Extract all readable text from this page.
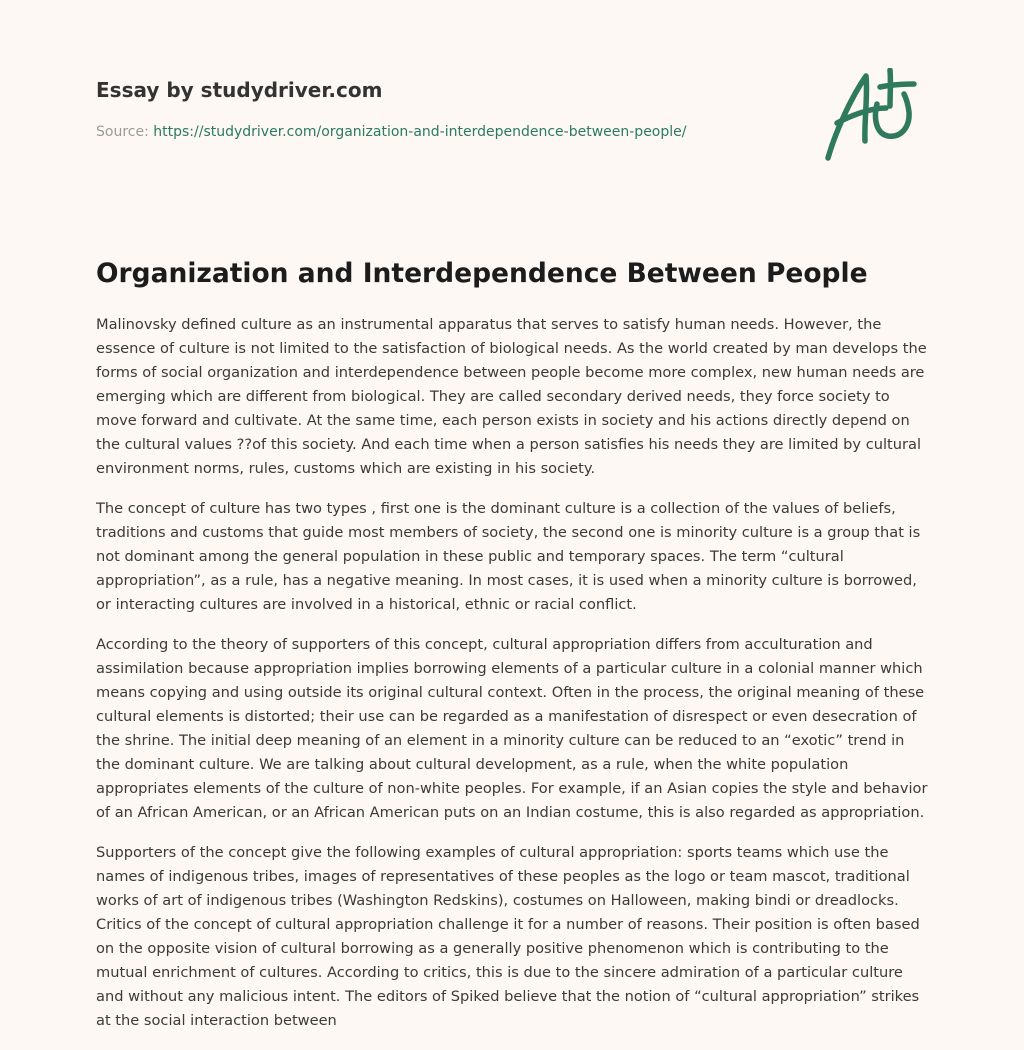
Essay by studydriver.com
Source: https://studydriver.com/organization-and-interdependence-between-people/
Organization and Interdependence Between People

Malinovsky defined culture as an instrumental apparatus that serves to satisfy human needs. However, the essence of culture is not limited to the satisfaction of biological needs. As the world created by man develops the forms of social organization and interdependence between people become more complex, new human needs are emerging which are different from biological. They are called secondary derived needs, they force society to move forward and cultivate. At the same time, each person exists in society and his actions directly depend on the cultural values ??of this society. And each time when a person satisfies his needs they are limited by cultural environment norms, rules, customs which are existing in his society.

The concept of culture has two types , first one is the dominant culture is a collection of the values of beliefs, traditions and customs that guide most members of society, the second one is minority culture is a group that is not dominant among the general population in these public and temporary spaces. The term “cultural appropriation”, as a rule, has a negative meaning. In most cases, it is used when a minority culture is borrowed, or interacting cultures are involved in a historical, ethnic or racial conflict.

According to the theory of supporters of this concept, cultural appropriation differs from acculturation and assimilation because appropriation implies borrowing elements of a particular culture in a colonial manner which means copying and using outside its original cultural context. Often in the process, the original meaning of these cultural elements is distorted; their use can be regarded as a manifestation of disrespect or even desecration of the shrine. The initial deep meaning of an element in a minority culture can be reduced to an “exotic” trend in the dominant culture. We are talking about cultural development, as a rule, when the white population appropriates elements of the culture of non-white peoples. For example, if an Asian copies the style and behavior of an African American, or an African American puts on an Indian costume, this is also regarded as appropriation.

Supporters of the concept give the following examples of cultural appropriation: sports teams which use the names of indigenous tribes, images of representatives of these peoples as the logo or team mascot, traditional works of art of indigenous tribes (Washington Redskins), costumes on Halloween, making bindi or dreadlocks. Critics of the concept of cultural appropriation challenge it for a number of reasons. Their position is often based on the opposite vision of cultural borrowing as a generally positive phenomenon which is contributing to the mutual enrichment of cultures. According to critics, this is due to the sincere admiration of a particular culture and without any malicious intent. The editors of Spiked believe that the notion of “cultural appropriation” strikes at the social interaction between
